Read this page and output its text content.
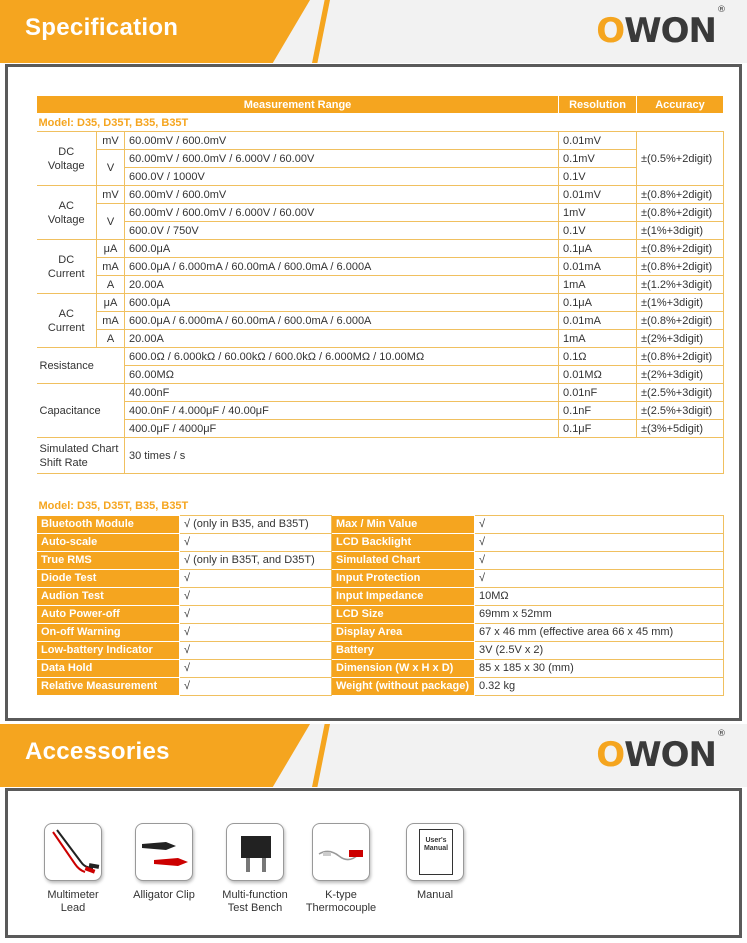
Specification	OWON®
Measurement Range			Resolution	Accuracy
Model: D35, D35T, B35, B35T				
DC
Voltage	mV	60.00mV / 600.0mV	0.01mV	±(0.5%+2digit)
	V	60.00mV / 600.0mV / 6.000V / 60.00V	0.1mV	
		600.0V / 1000V	0.1V	
AC
Voltage	mV	60.00mV / 600.0mV	0.01mV	±(0.8%+2digit)
	V	60.00mV / 600.0mV / 6.000V / 60.00V	1mV	±(0.8%+2digit)
		600.0V / 750V	0.1V	±(1%+3digit)
DC
Current	μA	600.0μA	0.1μA	±(0.8%+2digit)
	mA	600.0μA / 6.000mA / 60.00mA / 600.0mA / 6.000A	0.01mA	±(0.8%+2digit)
	A	20.00A	1mA	±(1.2%+3digit)
AC
Current	μA	600.0μA	0.1μA	±(1%+3digit)
	mA	600.0μA / 6.000mA / 60.00mA / 600.0mA / 6.000A	0.01mA	±(0.8%+2digit)
	A	20.00A	1mA	±(2%+3digit)
Resistance		600.0Ω / 6.000kΩ / 60.00kΩ / 600.0kΩ / 6.000MΩ / 10.00MΩ	0.1Ω	±(0.8%+2digit)
		60.00MΩ	0.01MΩ	±(2%+3digit)
Capacitance		40.00nF	0.01nF	±(2.5%+3digit)
		400.0nF / 4.000μF / 40.00μF	0.1nF	±(2.5%+3digit)
		400.0μF / 4000μF	0.1μF	±(3%+5digit)
Simulated Chart Shift Rate		30 times / s		
Model: D35, D35T, B35, B35T			
Bluetooth Module	√ (only in B35, and B35T)	Max / Min Value	√
Auto-scale	√	LCD Backlight	√
True RMS	√ (only in B35T, and D35T)	Simulated Chart	√
Diode Test	√	Input Protection	√
Audion Test	√	Input Impedance	10MΩ
Auto Power-off	√	LCD Size	69mm x 52mm
On-off Warning	√	Display Area	67 x 46 mm (effective area 66 x 45 mm)
Low-battery Indicator	√	Battery	3V (2.5V x 2)
Data Hold	√	Dimension (W x H x D)	85 x 185 x 30 (mm)
Relative Measurement	√	Weight (without package)	0.32 kg
Accessories	OWON®
Multimeter
Lead
Alligator Clip	Multi-function
Test Bench
K-type
Thermocouple
User's Manual
Manual
